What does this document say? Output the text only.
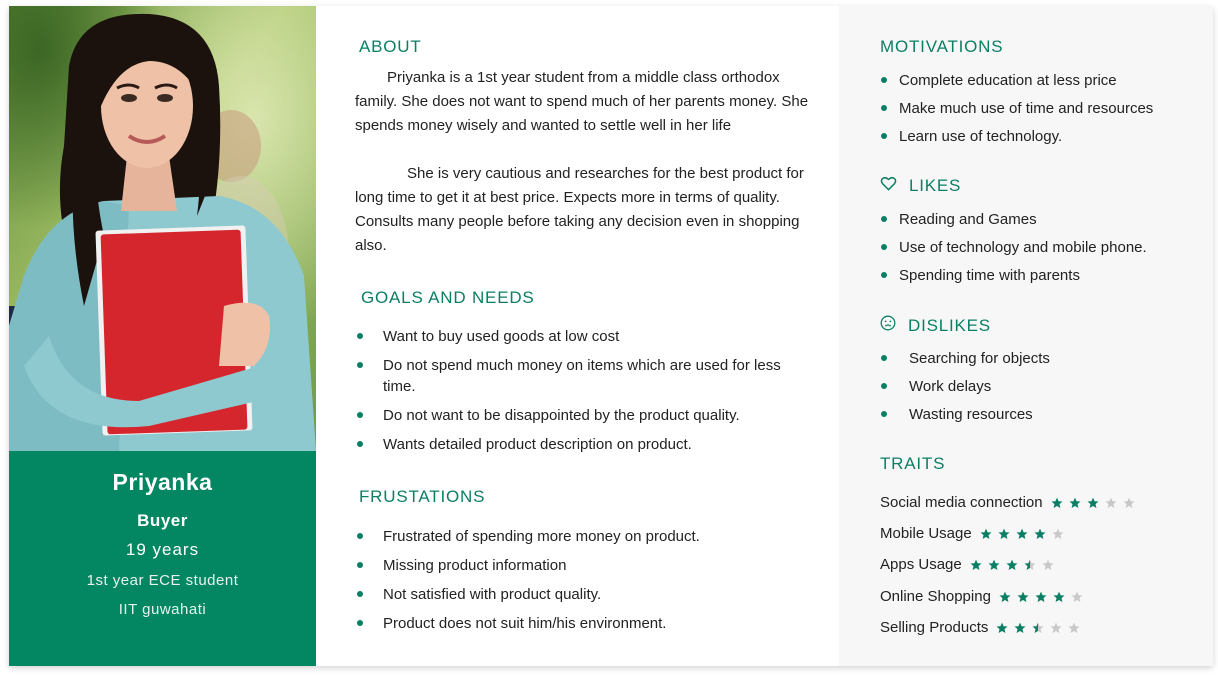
Priyanka
Buyer
19 years
1st year ECE student
IIT guwahati
ABOUT

Priyanka is a 1st year student from a middle class orthodox family. She does not want to spend much of her parents money. She spends money wisely and wanted to settle well in her life

She is very cautious and researches for the best product for long time to get it at best price. Expects more in terms of quality. Consults many people before taking any decision even in shopping also.

GOALS AND NEEDS
Want to buy used goods at low cost
Do not spend much money on items which are used for less time.
Do not want to be disappointed by the product quality.
Wants detailed product description on product.
FRUSTATIONS
Frustrated of spending more money on product.
Missing product information
Not satisfied with product quality.
Product does not suit him/his environment.
MOTIVATIONS
Complete education at less price
Make much use of time and resources
Learn use of technology.
LIKES
Reading and Games
Use of technology and mobile phone.
Spending time with parents
DISLIKES
Searching for objects
Work delays
Wasting resources
TRAITS
Social media connection
Mobile Usage
Apps Usage
Online Shopping
Selling Products
